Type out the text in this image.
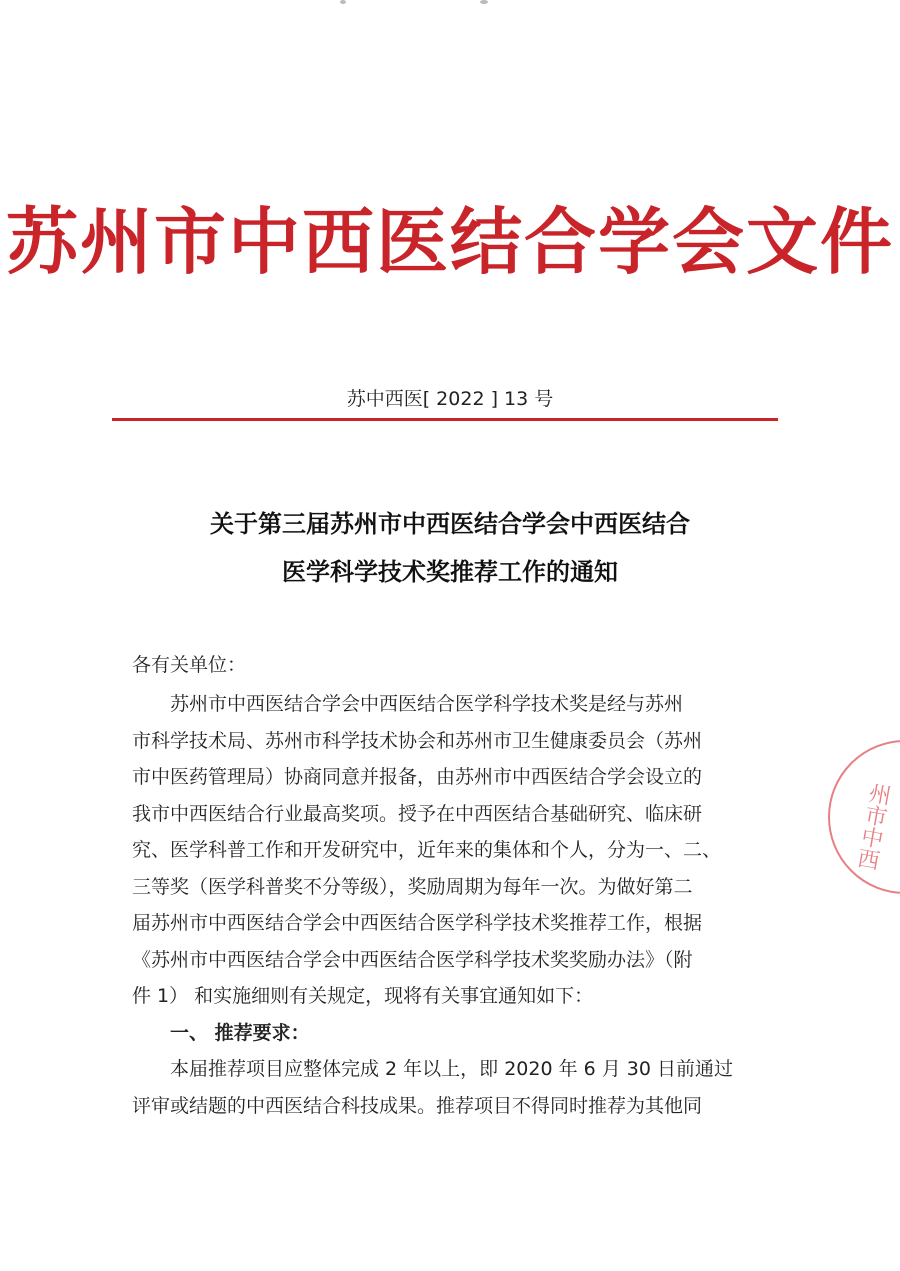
苏州市中西医结合学会文件
苏中西医[ 2022 ] 13 号
关于第三届苏州市中西医结合学会中西医结合
医学科学技术奖推荐工作的通知
各有关单位：
苏州市中西医结合学会中西医结合医学科学技术奖是经与苏州
市科学技术局、苏州市科学技术协会和苏州市卫生健康委员会（苏州
市中医药管理局）协商同意并报备，由苏州市中西医结合学会设立的
我市中西医结合行业最高奖项。授予在中西医结合基础研究、临床研
究、医学科普工作和开发研究中，近年来的集体和个人，分为一、二、
三等奖（医学科普奖不分等级），奖励周期为每年一次。为做好第二
届苏州市中西医结合学会中西医结合医学科学技术奖推荐工作，根据
《苏州市中西医结合学会中西医结合医学科学技术奖奖励办法》（附
件 1） 和实施细则有关规定，现将有关事宜通知如下：
一、 推荐要求：
本届推荐项目应整体完成 2 年以上，即 2020 年 6 月 30 日前通过
评审或结题的中西医结合科技成果。推荐项目不得同时推荐为其他同
州市中西
